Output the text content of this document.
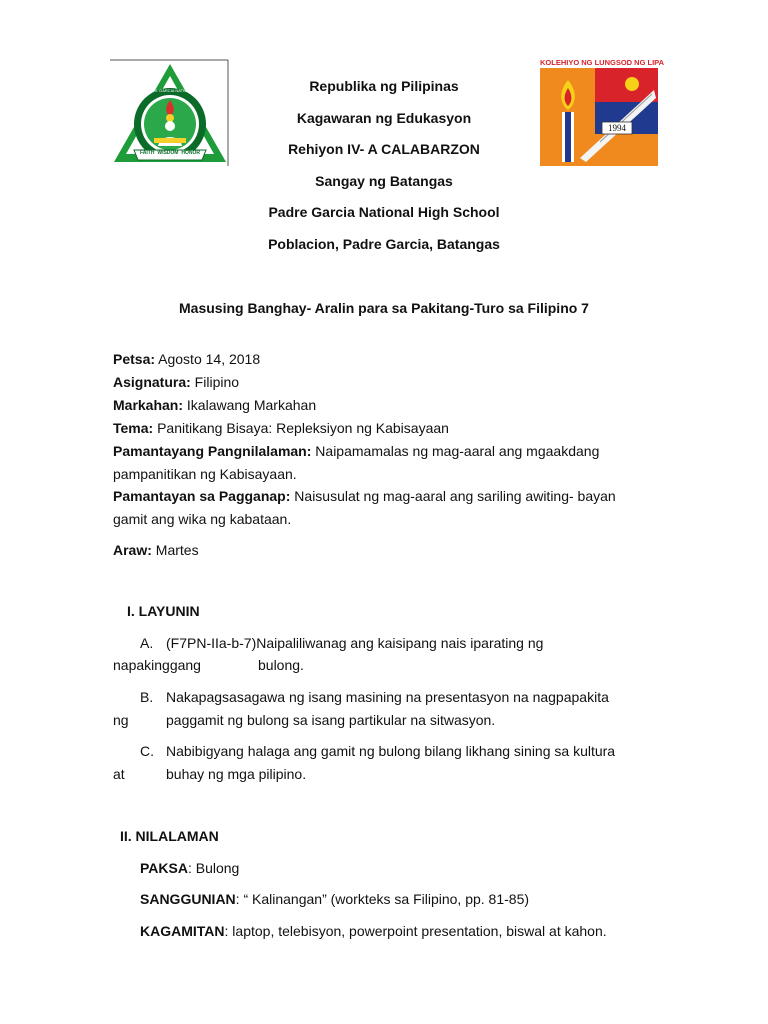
FAITH WISDOM HONOR
PADRE V. GARCIA NATIONAL HIGH SCHOOL
KOLEHIYO NG LUNGSOD NG LIPA
1994
Republika ng Pilipinas
Kagawaran ng Edukasyon
Rehiyon IV- A CALABARZON
Sangay ng Batangas
Padre Garcia National High School
Poblacion, Padre Garcia, Batangas
Masusing Banghay- Aralin para sa Pakitang-Turo sa Filipino 7
Petsa: Agosto 14, 2018
Asignatura: Filipino
Markahan: Ikalawang Markahan
Tema: Panitikang Bisaya: Repleksiyon ng Kabisayaan
Pamantayang Pangnilalaman: Naipamamalas ng mag-aaral ang mgaakdang
pampanitikan ng Kabisayaan.
Pamantayan sa Pagganap: Naisusulat ng mag-aaral ang sariling awiting- bayan
gamit ang wika ng kabataan.
Araw: Martes
I. LAYUNIN
A. (F7PN-IIa-b-7)Naipaliliwanag ang kaisipang nais iparating ng
napakinggang	bulong.
B. Nakapagsasagawa ng isang masining na presentasyon na nagpapakita
ng	paggamit ng bulong sa isang partikular na sitwasyon.
C. Nabibigyang halaga ang gamit ng bulong bilang likhang sining sa kultura
at	buhay ng mga pilipino.
II. NILALAMAN
PAKSA: Bulong
SANGGUNIAN: “ Kalinangan” (workteks sa Filipino, pp. 81-85)
KAGAMITAN: laptop, telebisyon, powerpoint presentation, biswal at kahon.
